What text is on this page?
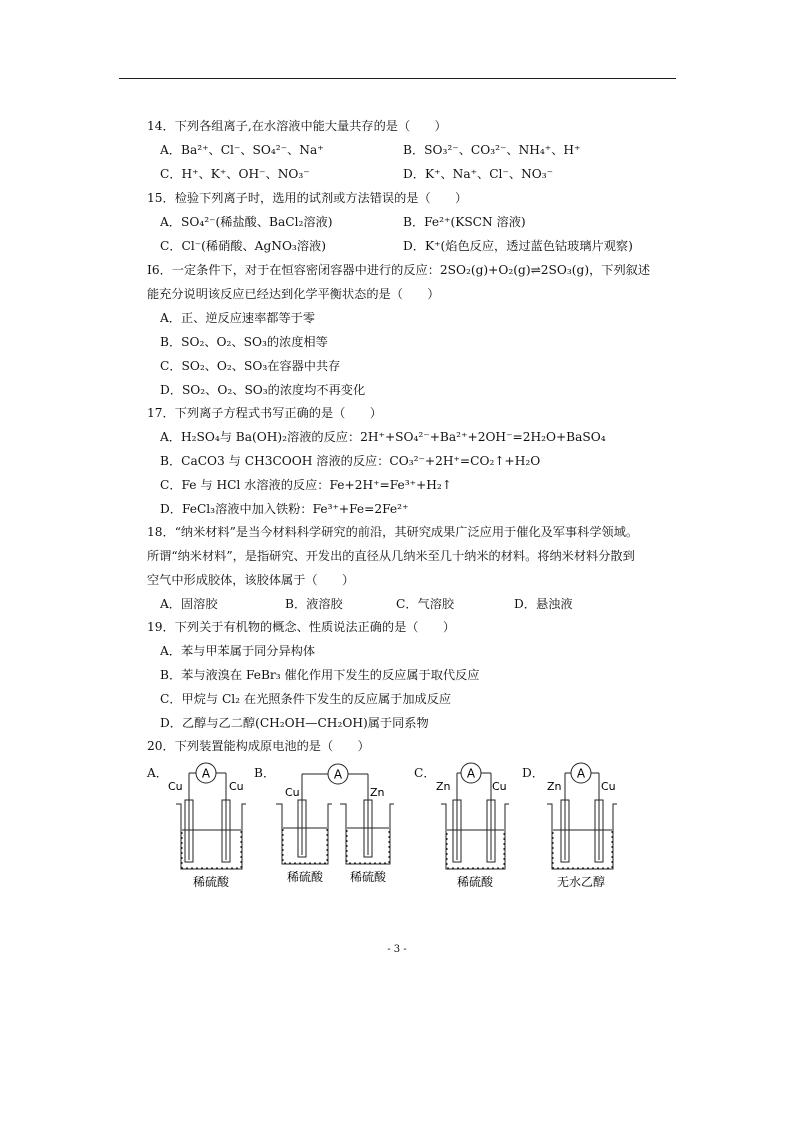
14．下列各组离子,在水溶液中能大量共存的是（　　）
A．Ba²⁺、Cl⁻、SO₄²⁻、Na⁺	B．SO₃²⁻、CO₃²⁻、NH₄⁺、H⁺
C．H⁺、K⁺、OH⁻、NO₃⁻	D．K⁺、Na⁺、Cl⁻、NO₃⁻
15．检验下列离子时，选用的试剂或方法错误的是（　　）
A．SO₄²⁻(稀盐酸、BaCl₂溶液)	B．Fe²⁺(KSCN 溶液)
C．Cl⁻(稀硝酸、AgNO₃溶液)	D．K⁺(焰色反应，透过蓝色钴玻璃片观察)
I6．一定条件下，对于在恒容密闭容器中进行的反应：2SO₂(g)+O₂(g)⇌2SO₃(g)，下列叙述
能充分说明该反应已经达到化学平衡状态的是（　　）
A．正、逆反应速率都等于零
B．SO₂、O₂、SO₃的浓度相等
C．SO₂、O₂、SO₃在容器中共存
D．SO₂、O₂、SO₃的浓度均不再变化
17．下列离子方程式书写正确的是（　　）
A．H₂SO₄与 Ba(OH)₂溶液的反应：2H⁺+SO₄²⁻+Ba²⁺+2OH⁻=2H₂O+BaSO₄
B．CaCO3 与 CH3COOH 溶液的反应：CO₃²⁻+2H⁺=CO₂↑+H₂O
C．Fe 与 HCl 水溶液的反应：Fe+2H⁺=Fe³⁺+H₂↑
D．FeCl₃溶液中加入铁粉：Fe³⁺+Fe=2Fe²⁺
18．“纳米材料”是当今材料科学研究的前沿，其研究成果广泛应用于催化及军事科学领域。
所谓“纳米材料”，是指研究、开发出的直径从几纳米至几十纳米的材料。将纳米材料分散到
空气中形成胶体，该胶体属于（　　）
A．固溶胶	B．液溶胶	C．气溶胶	D．悬浊液
19．下列关于有机物的概念、性质说法正确的是（　　）
A．苯与甲苯属于同分异构体
B．苯与液溴在 FeBr₃ 催化作用下发生的反应属于取代反应
C．甲烷与 Cl₂ 在光照条件下发生的反应属于加成反应
D．乙醇与乙二醇(CH₂OH—CH₂OH)属于同系物
20．下列装置能构成原电池的是（　　）
A．	B．	C．	D．
A
Cu	Cu
稀硫酸
A
Cu	Zn
稀硫酸 稀硫酸
A
Zn	Cu
稀硫酸
A
Zn	Cu
无水乙醇
- 3 -
